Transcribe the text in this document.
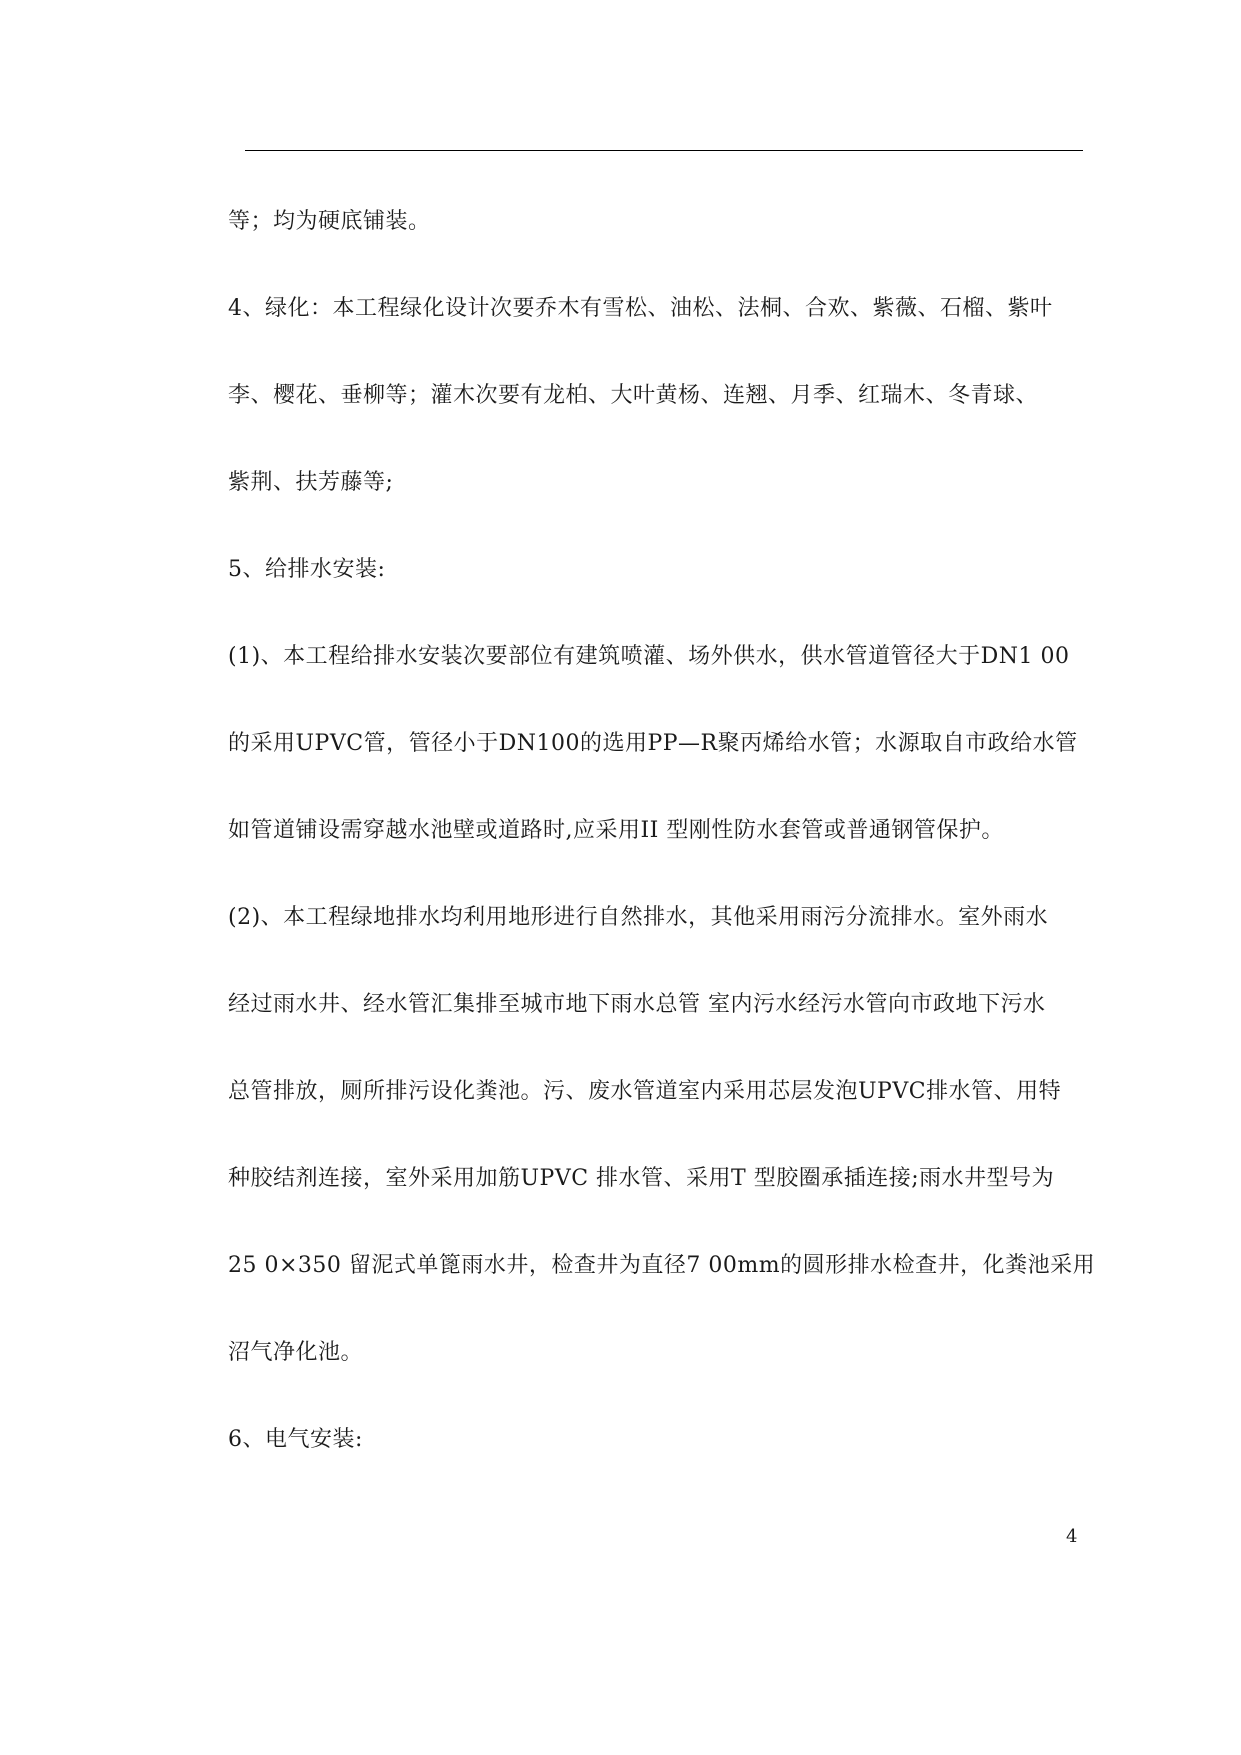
等；均为硬底铺装。
4、绿化：本工程绿化设计次要乔木有雪松、油松、法桐、合欢、紫薇、石榴、紫叶
李、樱花、垂柳等；灌木次要有龙柏、大叶黄杨、连翘、月季、红瑞木、冬青球、
紫荆、扶芳藤等;
5、给排水安装:
(1)、本工程给排水安装次要部位有建筑喷灌、场外供水，供水管道管径大于DN1 00
的采用UPVC管，管径小于DN100的选用PP—R聚丙烯给水管；水源取自市政给水管
如管道铺设需穿越水池壁或道路时,应采用II 型刚性防水套管或普通钢管保护。
(2)、本工程绿地排水均利用地形进行自然排水，其他采用雨污分流排水。室外雨水
经过雨水井、经水管汇集排至城市地下雨水总管 室内污水经污水管向市政地下污水
总管排放，厕所排污设化粪池。污、废水管道室内采用芯层发泡UPVC排水管、用特
种胶结剂连接，室外采用加筋UPVC 排水管、采用T 型胶圈承插连接;雨水井型号为
25 0×350 留泥式单篦雨水井，检查井为直径7 00mm的圆形排水检查井，化粪池采用
沼气净化池。
6、电气安装:
4
